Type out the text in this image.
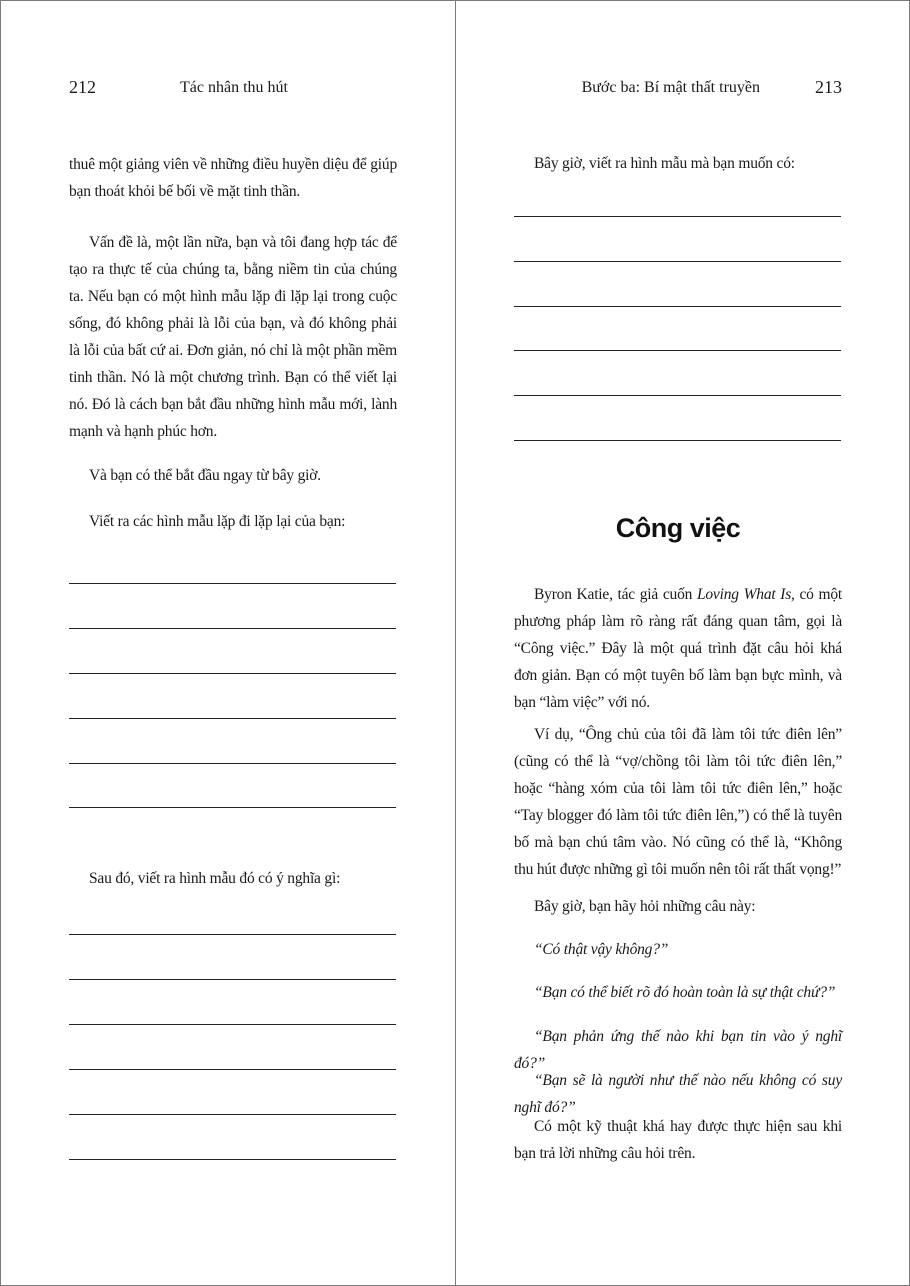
212	Tác nhân thu hút

thuê một giảng viên về những điều huyền diệu để giúp bạn thoát khỏi bế bối về mặt tinh thần.

Vấn đề là, một lần nữa, bạn và tôi đang hợp tác để tạo ra thực tế của chúng ta, bằng niềm tin của chúng ta. Nếu bạn có một hình mẫu lặp đi lặp lại trong cuộc sống, đó không phải là lỗi của bạn, và đó không phải là lỗi của bất cứ ai. Đơn giản, nó chỉ là một phần mềm tinh thần. Nó là một chương trình. Bạn có thể viết lại nó. Đó là cách bạn bắt đầu những hình mẫu mới, lành mạnh và hạnh phúc hơn.

Và bạn có thể bắt đầu ngay từ bây giờ.

Viết ra các hình mẫu lặp đi lặp lại của bạn:

Sau đó, viết ra hình mẫu đó có ý nghĩa gì:

Bước ba: Bí mật thất truyền	213

Bây giờ, viết ra hình mẫu mà bạn muốn có:

Công việc

Byron Katie, tác giả cuốn Loving What Is, có một phương pháp làm rõ ràng rất đáng quan tâm, gọi là “Công việc.” Đây là một quá trình đặt câu hỏi khá đơn giản. Bạn có một tuyên bố làm bạn bực mình, và bạn “làm việc” với nó.

Ví dụ, “Ông chủ của tôi đã làm tôi tức điên lên” (cũng có thể là “vợ/chồng tôi làm tôi tức điên lên,” hoặc “hàng xóm của tôi làm tôi tức điên lên,” hoặc “Tay blogger đó làm tôi tức điên lên,”) có thể là tuyên bố mà bạn chú tâm vào. Nó cũng có thể là, “Không thu hút được những gì tôi muốn nên tôi rất thất vọng!”

Bây giờ, bạn hãy hỏi những câu này:

“Có thật vậy không?”

“Bạn có thể biết rõ đó hoàn toàn là sự thật chứ?”

“Bạn phản ứng thế nào khi bạn tin vào ý nghĩ đó?”

“Bạn sẽ là người như thế nào nếu không có suy nghĩ đó?”

Có một kỹ thuật khá hay được thực hiện sau khi bạn trả lời những câu hỏi trên.
